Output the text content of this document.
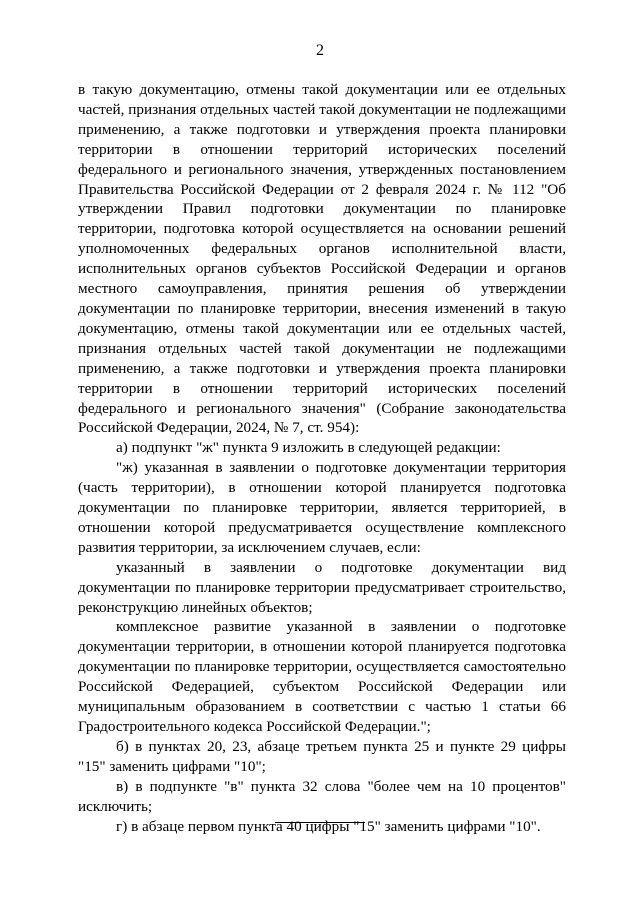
2

в такую документацию, отмены такой документации или ее отдельных частей, признания отдельных частей такой документации не подлежащими применению, а также подготовки и утверждения проекта планировки территории в отношении территорий исторических поселений федерального и регионального значения, утвержденных постановлением Правительства Российской Федерации от 2 февраля 2024 г. № 112 "Об утверждении Правил подготовки документации по планировке территории, подготовка которой осуществляется на основании решений уполномоченных федеральных органов исполнительной власти, исполнительных органов субъектов Российской Федерации и органов местного самоуправления, принятия решения об утверждении документации по планировке территории, внесения изменений в такую документацию, отмены такой документации или ее отдельных частей, признания отдельных частей такой документации не подлежащими применению, а также подготовки и утверждения проекта планировки территории в отношении территорий исторических поселений федерального и регионального значения" (Собрание законодательства Российской Федерации, 2024, № 7, ст. 954):

а) подпункт "ж" пункта 9 изложить в следующей редакции:

"ж) указанная в заявлении о подготовке документации территория (часть территории), в отношении которой планируется подготовка документации по планировке территории, является территорией, в отношении которой предусматривается осуществление комплексного развития территории, за исключением случаев, если:

указанный в заявлении о подготовке документации вид документации по планировке территории предусматривает строительство, реконструкцию линейных объектов;

комплексное развитие указанной в заявлении о подготовке документации территории, в отношении которой планируется подготовка документации по планировке территории, осуществляется самостоятельно Российской Федерацией, субъектом Российской Федерации или муниципальным образованием в соответствии с частью 1 статьи 66 Градостроительного кодекса Российской Федерации.";

б) в пунктах 20, 23, абзаце третьем пункта 25 и пункте 29 цифры "15" заменить цифрами "10";

в) в подпункте "в" пункта 32 слова "более чем на 10 процентов" исключить;

г) в абзаце первом пункта 40 цифры "15" заменить цифрами "10".
